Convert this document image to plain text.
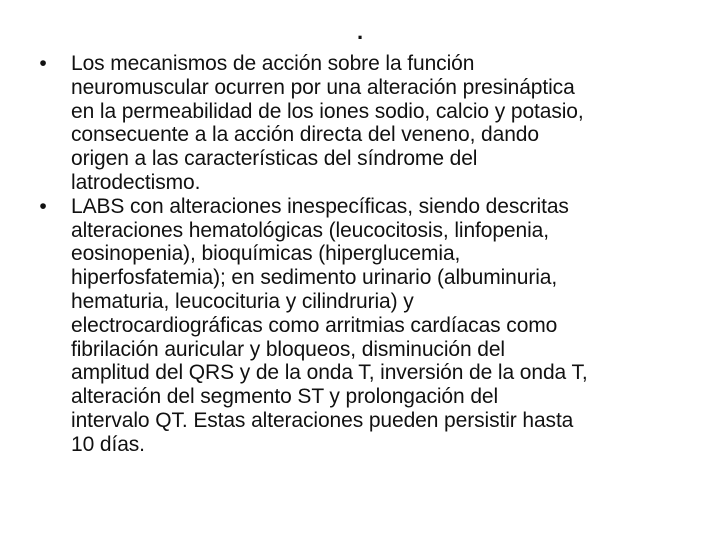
.
•	Los mecanismos de acción sobre la función
neuromuscular ocurren por una alteración presináptica
en la permeabilidad de los iones sodio, calcio y potasio,
consecuente a la acción directa del veneno, dando
origen a las características del síndrome del
latrodectismo.
•	LABS con alteraciones inespecíficas, siendo descritas
alteraciones hematológicas (leucocitosis, linfopenia,
eosinopenia), bioquímicas (hiperglucemia,
hiperfosfatemia); en sedimento urinario (albuminuria,
hematuria, leucocituria y cilindruria) y
electrocardiográficas como arritmias cardíacas como
fibrilación auricular y bloqueos, disminución del
amplitud del QRS y de la onda T, inversión de la onda T,
alteración del segmento ST y prolongación del
intervalo QT. Estas alteraciones pueden persistir hasta
10 días.
